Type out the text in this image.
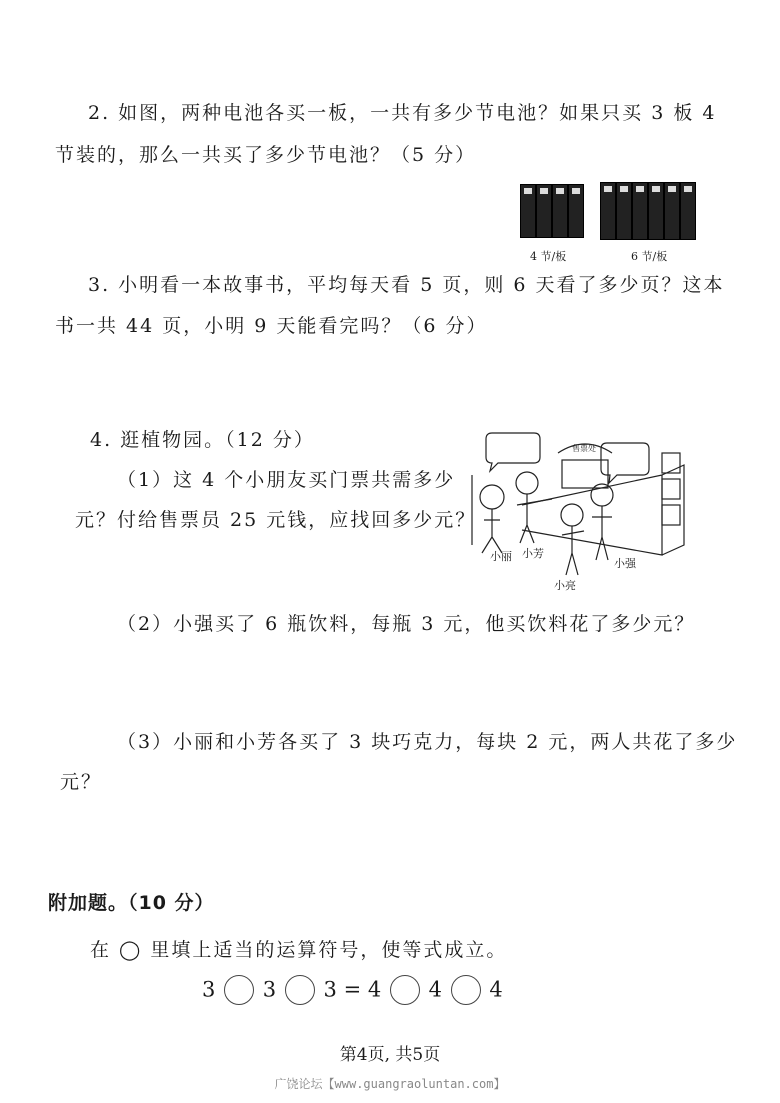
2. 如图，两种电池各买一板，一共有多少节电池？如果只买 3 板 4
节装的，那么一共买了多少节电池？（5 分）
4 节/板	6 节/板
3. 小明看一本故事书，平均每天看 5 页，则 6 天看了多少页？这本
书一共 44 页，小明 9 天能看完吗？（6 分）
4. 逛植物园。（12 分）
（1）这 4 个小朋友买门票共需多少
元？付给售票员 25 元钱，应找回多少元？
售票处
小丽 小芳
小亮
小强
（2）小强买了 6 瓶饮料，每瓶 3 元，他买饮料花了多少元？
（3）小丽和小芳各买了 3 块巧克力，每块 2 元，两人共花了多少
元？
附加题。（10 分）
在 ◯ 里填上适当的运算符号，使等式成立。
3 3 3 = 4 4 4
第4页, 共5页
广饶论坛【www.guangraoluntan.com】
